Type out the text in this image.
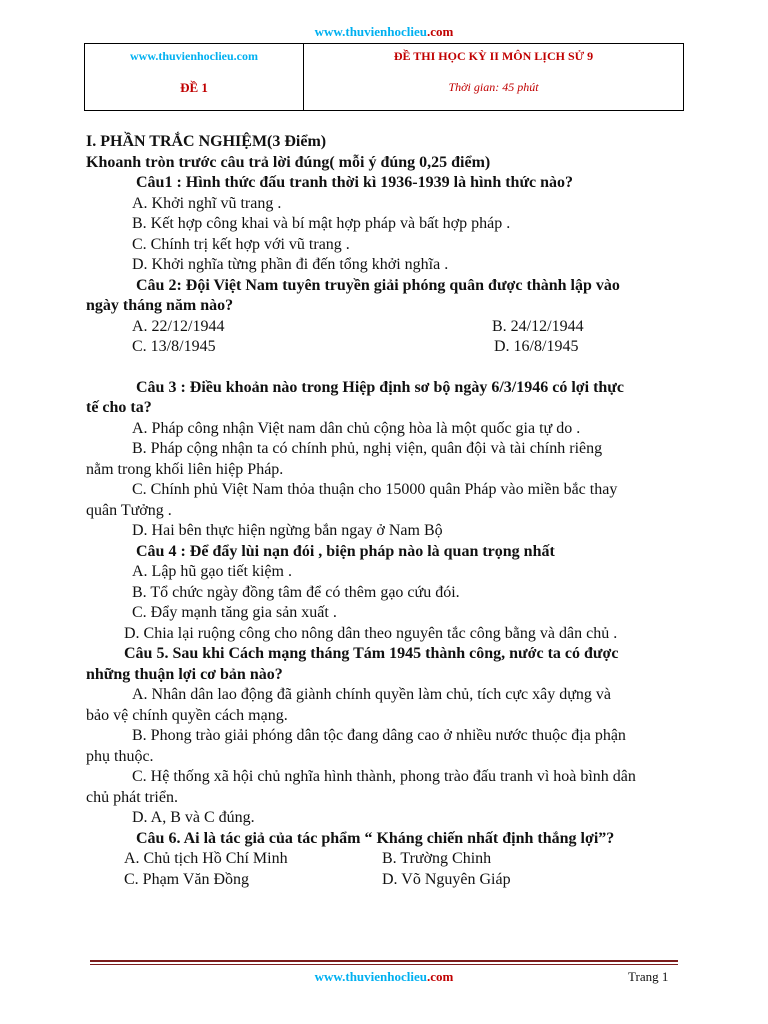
www.thuvienhoclieu.com
www.thuvienhoclieu.com
ĐỀ 1

ĐỀ THI HỌC KỲ II MÔN LỊCH SỬ 9
Thời gian: 45 phút
I. PHẦN TRẮC NGHIỆM(3 Điểm)
Khoanh tròn trước câu trả lời đúng( mỗi ý đúng 0,25 điểm)
Câu1 : Hình thức đấu tranh thời kì 1936-1939 là hình thức nào?
A. Khởi nghĩ vũ trang .
B. Kết hợp công khai và bí mật hợp pháp và bất hợp pháp .
C. Chính trị kết hợp với vũ trang .
D. Khởi nghĩa từng phần đi đến tổng khởi nghĩa .
Câu 2: Đội Việt Nam tuyên truyền giải phóng quân được thành lập vào
ngày tháng năm nào?
A. 22/12/1944	B. 24/12/1944
C. 13/8/1945	D. 16/8/1945
Câu 3 : Điều khoản nào trong Hiệp định sơ bộ ngày 6/3/1946 có lợi thực
tế cho ta?
A. Pháp công nhận Việt nam dân chủ cộng hòa là một quốc gia tự do .
B. Pháp cộng nhận ta có chính phủ, nghị viện, quân đội và tài chính riêng
nằm trong khối liên hiệp Pháp.
C. Chính phủ Việt Nam thỏa thuận cho 15000 quân Pháp vào miền bắc thay
quân Tưởng .
D. Hai bên thực hiện ngừng bắn ngay ở Nam Bộ
Câu 4 : Để đẩy lùi nạn đói , biện pháp nào là quan trọng nhất
A. Lập hũ gạo tiết kiệm .
B. Tổ chức ngày đồng tâm để có thêm gạo cứu đói.
C. Đẩy mạnh tăng gia sản xuất .
D. Chia lại ruộng công cho nông dân theo nguyên tắc công bằng và dân chủ .
Câu 5. Sau khi Cách mạng tháng Tám 1945 thành công, nước ta có được
những thuận lợi cơ bản nào?
A. Nhân dân lao động đã giành chính quyền làm chủ, tích cực xây dựng và
bảo vệ chính quyền cách mạng.
B. Phong trào giải phóng dân tộc đang dâng cao ở nhiều nước thuộc địa phận
phụ thuộc.
C. Hệ thống xã hội chủ nghĩa hình thành, phong trào đấu tranh vì hoà bình dân
chủ phát triển.
D. A, B và C đúng.
Câu 6. Ai là tác giả của tác phẩm “ Kháng chiến nhất định thắng lợi”?
A. Chủ tịch Hồ Chí Minh	B. Trường Chinh
C. Phạm Văn Đồng	D. Võ Nguyên Giáp
www.thuvienhoclieu.com	Trang 1
